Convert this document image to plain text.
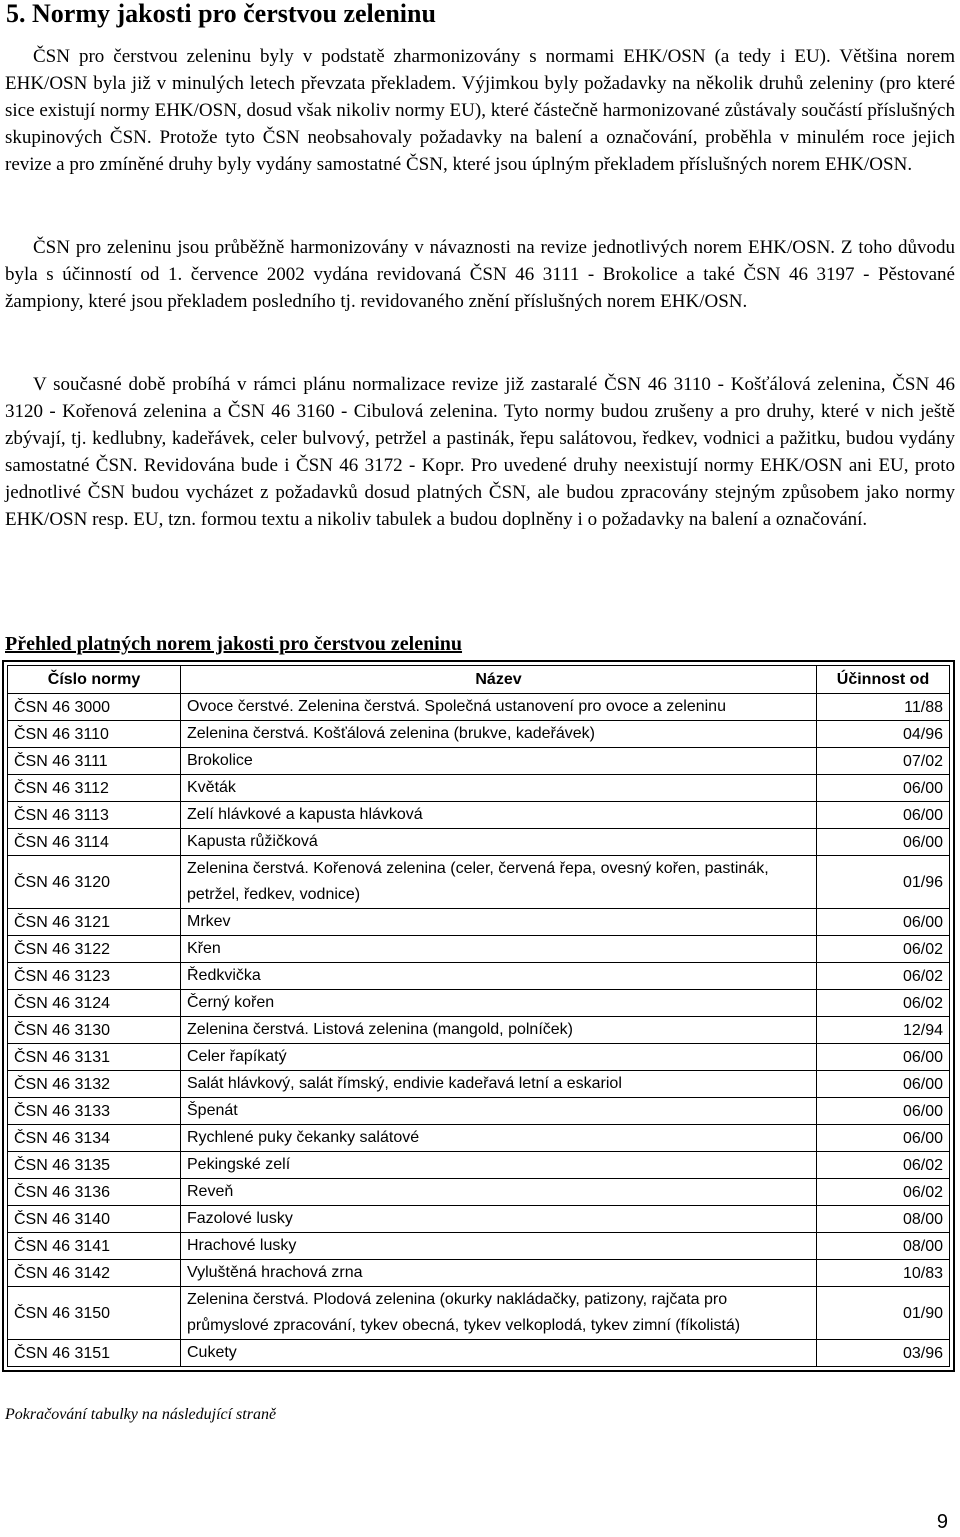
5. Normy jakosti pro čerstvou zeleninu

ČSN pro čerstvou zeleninu byly v podstatě zharmonizovány s normami EHK/OSN (a tedy i EU). Většina norem EHK/OSN byla již v minulých letech převzata překladem. Výjimkou byly požadavky na několik druhů zeleniny (pro které sice existují normy EHK/OSN, dosud však nikoliv normy EU), které částečně harmonizované zůstávaly součástí příslušných skupinových ČSN. Protože tyto ČSN neobsahovaly požadavky na balení a označování, proběhla v minulém roce jejich revize a pro zmíněné druhy byly vydány samostatné ČSN, které jsou úplným překladem příslušných norem EHK/OSN.

ČSN pro zeleninu jsou průběžně harmonizovány v návaznosti na revize jednotlivých norem EHK/OSN. Z toho důvodu byla s účinností od 1. července 2002 vydána revidovaná ČSN 46 3111 - Brokolice a také ČSN 46 3197 - Pěstované žampiony, které jsou překladem posledního tj. revidovaného znění příslušných norem EHK/OSN.

V současné době probíhá v rámci plánu normalizace revize již zastaralé ČSN 46 3110 - Košťálová zelenina, ČSN 46 3120 - Kořenová zelenina a ČSN 46 3160 - Cibulová zelenina. Tyto normy budou zrušeny a pro druhy, které v nich ještě zbývají, tj. kedlubny, kadeřávek, celer bulvový, petržel a pastinák, řepu salátovou, ředkev, vodnici a pažitku, budou vydány samostatné ČSN. Revidována bude i ČSN 46 3172 - Kopr. Pro uvedené druhy neexistují normy EHK/OSN ani EU, proto jednotlivé ČSN budou vycházet z požadavků dosud platných ČSN, ale budou zpracovány stejným způsobem jako normy EHK/OSN resp. EU, tzn. formou textu a nikoliv tabulek a budou doplněny i o požadavky na balení a označování.

Přehled platných norem jakosti pro čerstvou zeleninu

Číslo normy	Název	Účinnost od
ČSN 46 3000	Ovoce čerstvé. Zelenina čerstvá. Společná ustanovení pro ovoce a zeleninu	11/88
ČSN 46 3110	Zelenina čerstvá. Košťálová zelenina (brukve, kadeřávek)	04/96
ČSN 46 3111	Brokolice	07/02
ČSN 46 3112	Květák	06/00
ČSN 46 3113	Zelí hlávkové a kapusta hlávková	06/00
ČSN 46 3114	Kapusta růžičková	06/00
ČSN 46 3120	Zelenina čerstvá. Kořenová zelenina (celer, červená řepa, ovesný kořen, pastinák, petržel, ředkev, vodnice)	01/96
ČSN 46 3121	Mrkev	06/00
ČSN 46 3122	Křen	06/02
ČSN 46 3123	Ředkvička	06/02
ČSN 46 3124	Černý kořen	06/02
ČSN 46 3130	Zelenina čerstvá. Listová zelenina (mangold, polníček)	12/94
ČSN 46 3131	Celer řapíkatý	06/00
ČSN 46 3132	Salát hlávkový, salát římský, endivie kadeřavá letní a eskariol	06/00
ČSN 46 3133	Špenát	06/00
ČSN 46 3134	Rychlené puky čekanky salátové	06/00
ČSN 46 3135	Pekingské zelí	06/02
ČSN 46 3136	Reveň	06/02
ČSN 46 3140	Fazolové lusky	08/00
ČSN 46 3141	Hrachové lusky	08/00
ČSN 46 3142	Vyluštěná hrachová zrna	10/83
ČSN 46 3150	Zelenina čerstvá. Plodová zelenina (okurky nakládačky, patizony, rajčata pro průmyslové zpracování, tykev obecná, tykev velkoplodá, tykev zimní (fíkolistá)	01/90
ČSN 46 3151	Cukety	03/96

Pokračování tabulky na následující straně

9
